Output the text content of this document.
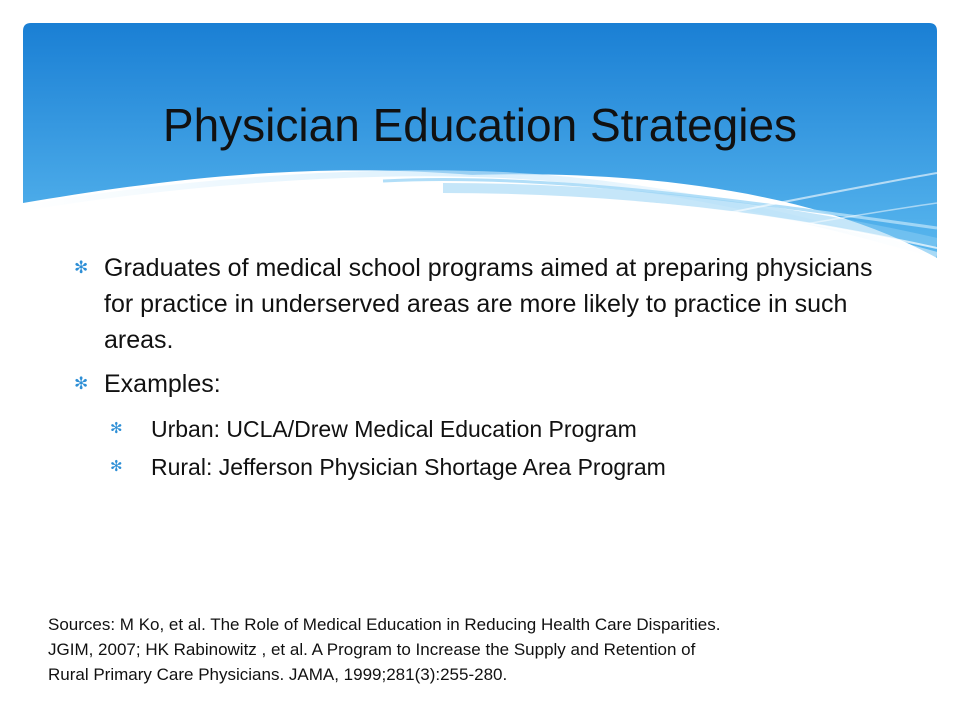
Physician Education Strategies
✻ Graduates of medical school programs aimed at preparing physicians for practice in underserved areas are more likely to practice in such areas.
✻ Examples:
✻ Urban: UCLA/Drew Medical Education Program
✻ Rural: Jefferson Physician Shortage Area Program
Sources: M Ko, et al. The Role of Medical Education in Reducing Health Care Disparities.
JGIM, 2007; HK Rabinowitz , et al. A Program to Increase the Supply and Retention of
Rural Primary Care Physicians. JAMA, 1999;281(3):255-280.
